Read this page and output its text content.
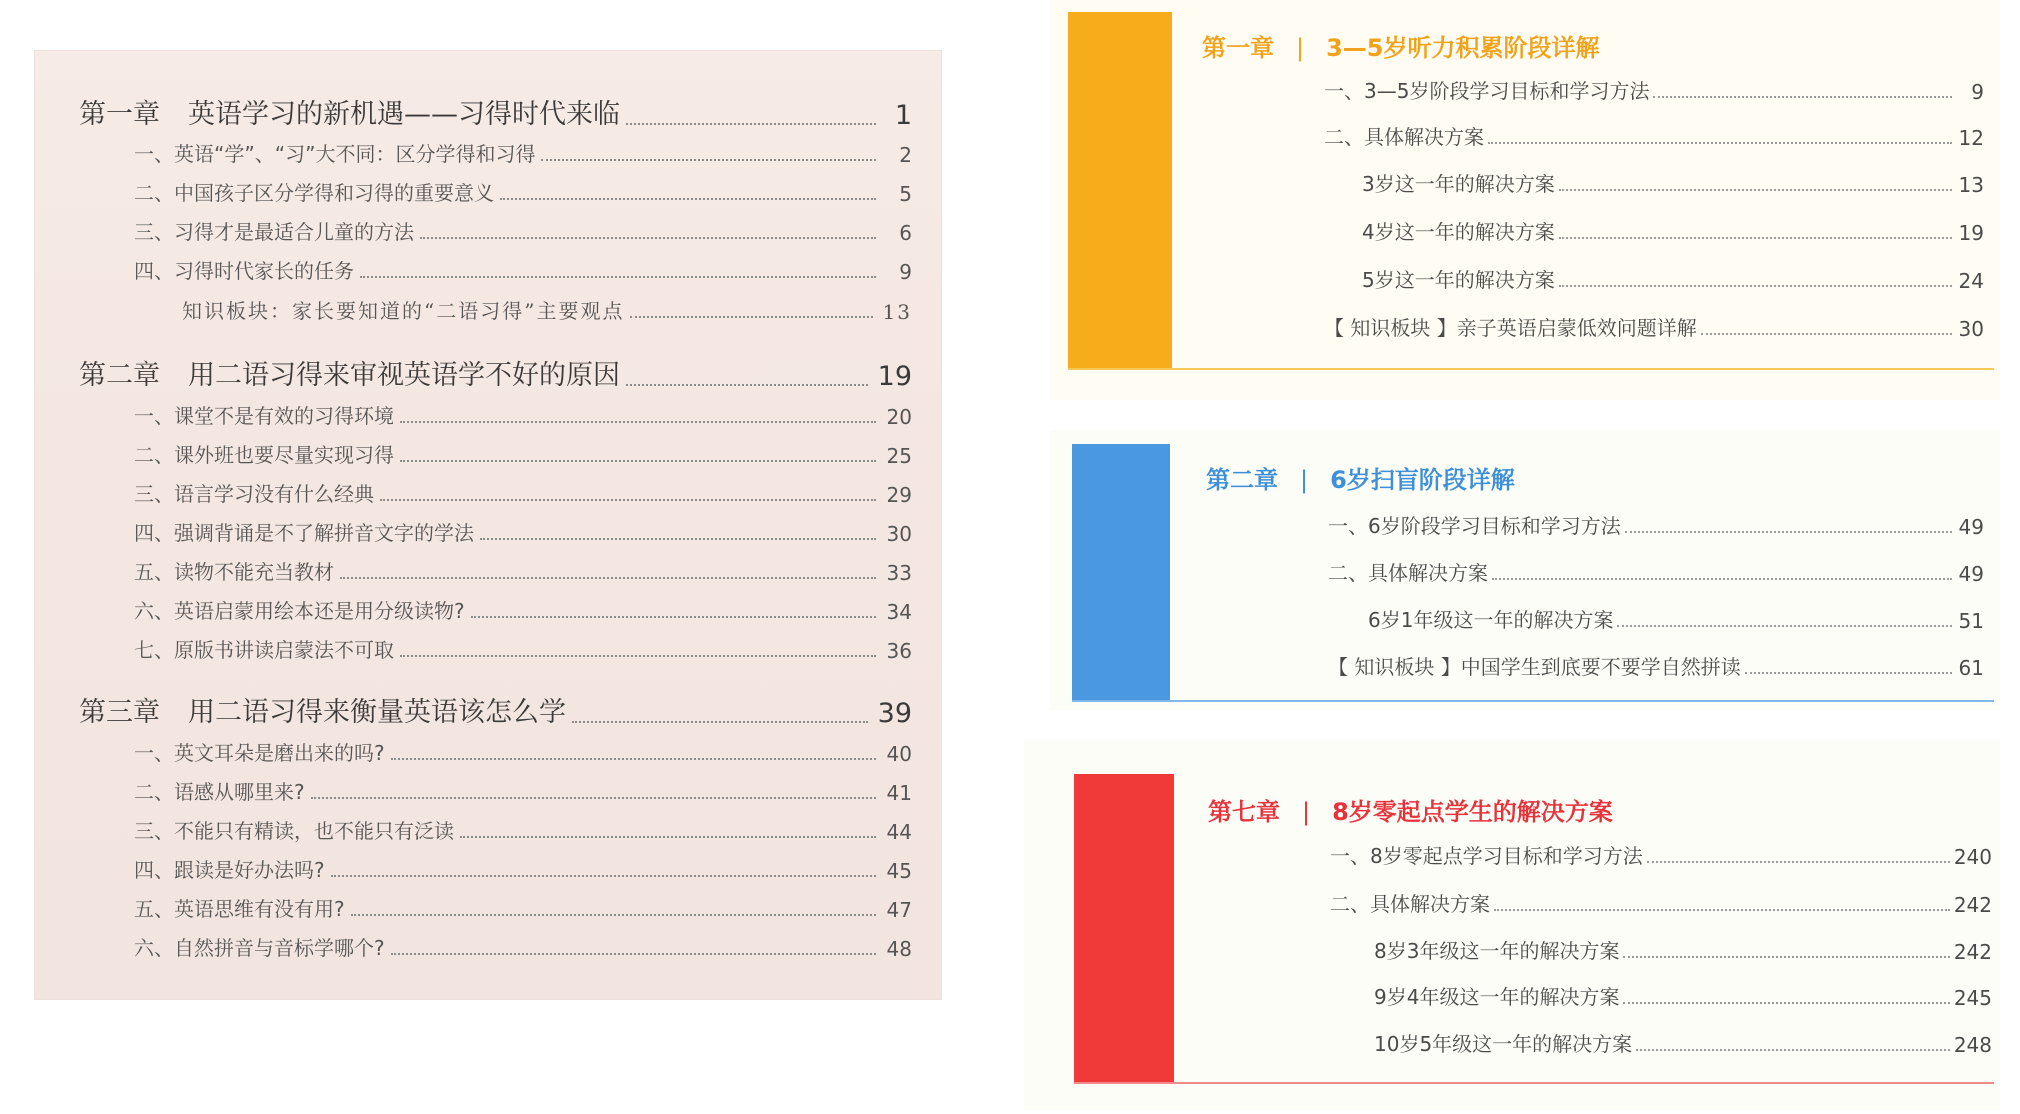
第一章 英语学习的新机遇——习得时代来临	1
一、英语“学”、“习”大不同：区分学得和习得	2
二、中国孩子区分学得和习得的重要意义	5
三、习得才是最适合儿童的方法	6
四、习得时代家长的任务	9
知识板块：家长要知道的“二语习得”主要观点	13
第二章 用二语习得来审视英语学不好的原因	19
一、课堂不是有效的习得环境	20
二、课外班也要尽量实现习得	25
三、语言学习没有什么经典	29
四、强调背诵是不了解拼音文字的学法	30
五、读物不能充当教材	33
六、英语启蒙用绘本还是用分级读物?	34
七、原版书讲读启蒙法不可取	36
第三章 用二语习得来衡量英语该怎么学	39
一、英文耳朵是磨出来的吗?	40
二、语感从哪里来?	41
三、不能只有精读，也不能只有泛读	44
四、跟读是好办法吗?	45
五、英语思维有没有用?	47
六、自然拼音与音标学哪个?	48
第一章 | 3—5岁听力积累阶段详解
一、3—5岁阶段学习目标和学习方法	9
二、具体解决方案	12
3岁这一年的解决方案	13
4岁这一年的解决方案	19
5岁这一年的解决方案	24
【 知识板块 】亲子英语启蒙低效问题详解	30
第二章 | 6岁扫盲阶段详解
一、6岁阶段学习目标和学习方法	49
二、具体解决方案	49
6岁1年级这一年的解决方案	51
【 知识板块 】中国学生到底要不要学自然拼读	61
第七章 | 8岁零起点学生的解决方案
一、8岁零起点学习目标和学习方法	240
二、具体解决方案	242
8岁3年级这一年的解决方案	242
9岁4年级这一年的解决方案	245
10岁5年级这一年的解决方案	248
